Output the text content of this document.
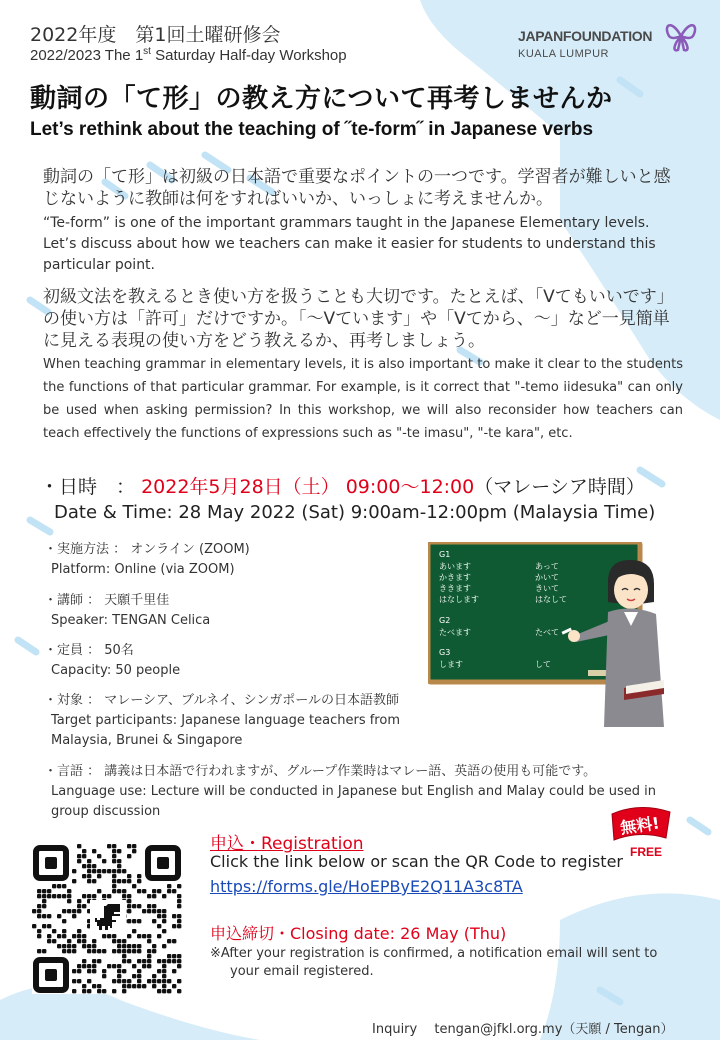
2022年度　第1回土曜研修会
2022/2023 The 1st Saturday Half-day Workshop
JAPANFOUNDATION
KUALA LUMPUR
動詞の「て形」の教え方について再考しませんか
Let’s rethink about the teaching of ˝te-form˝ in Japanese verbs
動詞の「て形」は初級の日本語で重要なポイントの一つです。学習者が難しいと感じないように教師は何をすればいいか、いっしょに考えませんか。
“Te-form” is one of the important grammars taught in the Japanese Elementary levels. Let’s discuss about how we teachers can make it easier for students to understand this particular point.
初級文法を教えるとき使い方を扱うことも大切です。たとえば、「Vてもいいです」の使い方は「許可」だけですか。「～Vています」や「Vてから、～」など一見簡単に見える表現の使い方をどう教えるか、再考しましょう。
When teaching grammar in elementary levels, it is also important to make it clear to the students the functions of that particular grammar. For example, is it correct that "-temo iidesuka" can only be used when asking permission? In this workshop, we will also reconsider how teachers can teach effectively the functions of expressions such as "-te imasu", "-te kara", etc.
・日時　： 2022年5月28日（土） 09:00～12:00（マレーシア時間）
Date & Time: 28 May 2022 (Sat) 9:00am-12:00pm (Malaysia Time)
・実施方法 ： オンライン (ZOOM)
Platform: Online (via ZOOM)
・講師 ： 天願千里佳
Speaker: TENGAN Celica
・定員 ： 50名
Capacity: 50 people
・対象 ： マレーシア、ブルネイ、シンガポールの日本語教師
Target participants: Japanese language teachers from
Malaysia, Brunei & Singapore
・言語 ： 講義は日本語で行われますが、グループ作業時はマレー語、英語の使用も可能です。
Language use: Lecture will be conducted in Japanese but English and Malay could be used in
group discussion
G1
あいます
かきます
ききます
はなします
あって
かいて
きいて
はなして
G2
たべます	たべて
G3
します	して
無料!
FREE
申込・Registration
Click the link below or scan the QR Code to register
https://forms.gle/HoEPByE2Q11A3c8TA
申込締切・Closing date: 26 May (Thu)
※After your registration is confirmed, a notification email will sent to
your email registered.
Inquiry　 tengan@jfkl.org.my（天願 / Tengan）
